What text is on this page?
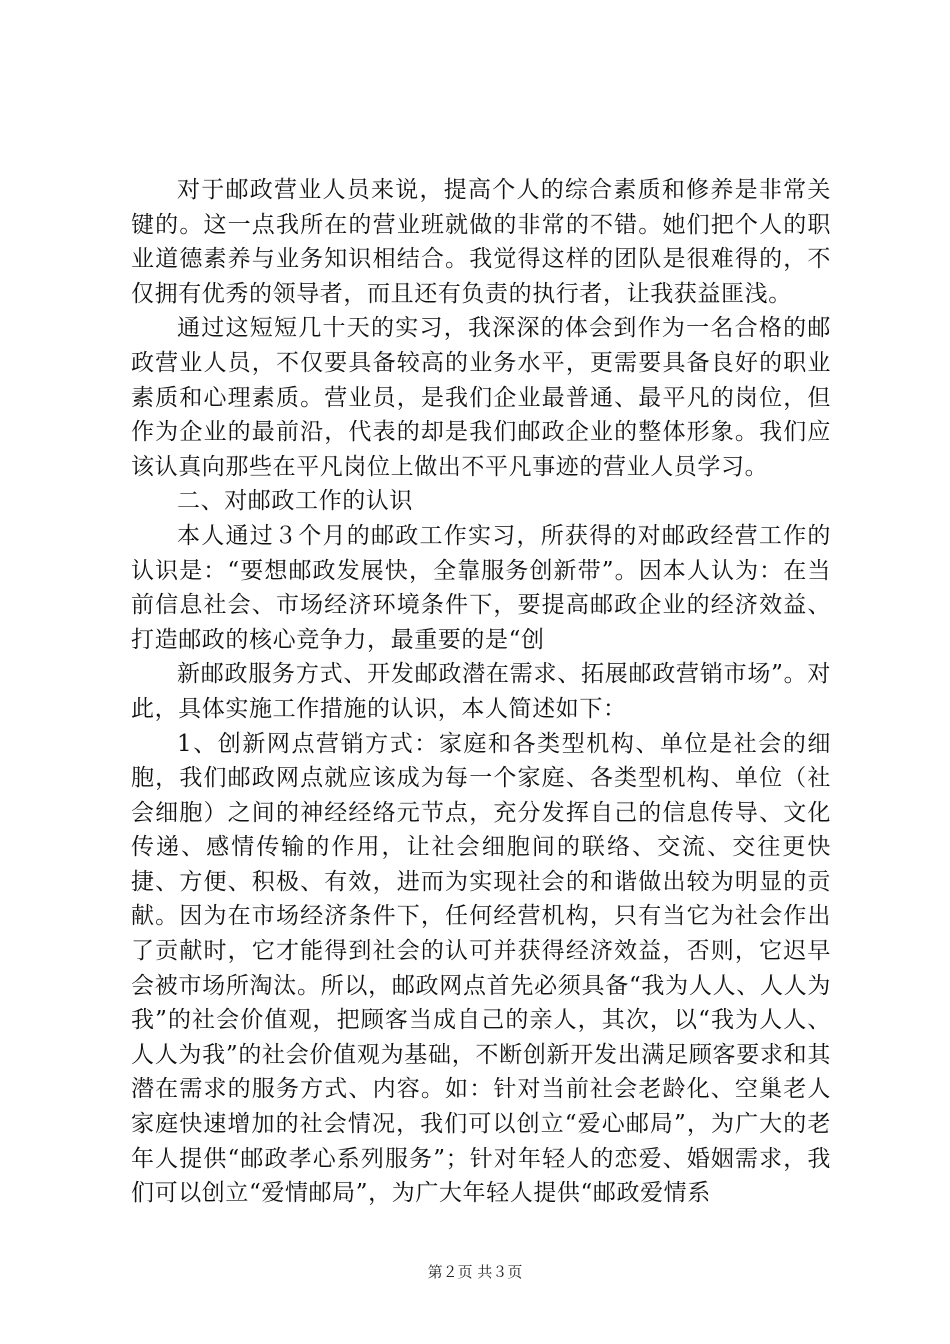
对于邮政营业人员来说，提高个人的综合素质和修养是非常关键的。这一点我所在的营业班就做的非常的不错。她们把个人的职业道德素养与业务知识相结合。我觉得这样的团队是很难得的，不仅拥有优秀的领导者，而且还有负责的执行者，让我获益匪浅。

通过这短短几十天的实习，我深深的体会到作为一名合格的邮政营业人员，不仅要具备较高的业务水平，更需要具备良好的职业素质和心理素质。营业员，是我们企业最普通、最平凡的岗位，但作为企业的最前沿，代表的却是我们邮政企业的整体形象。我们应该认真向那些在平凡岗位上做出不平凡事迹的营业人员学习。

二、对邮政工作的认识

本人通过３个月的邮政工作实习，所获得的对邮政经营工作的认识是：“要想邮政发展快，全靠服务创新带”。因本人认为：在当前信息社会、市场经济环境条件下，要提高邮政企业的经济效益、打造邮政的核心竞争力，最重要的是“创

新邮政服务方式、开发邮政潜在需求、拓展邮政营销市场”。对此，具体实施工作措施的认识，本人简述如下：

1、创新网点营销方式：家庭和各类型机构、单位是社会的细胞，我们邮政网点就应该成为每一个家庭、各类型机构、单位（社会细胞）之间的神经经络元节点，充分发挥自己的信息传导、文化传递、感情传输的作用，让社会细胞间的联络、交流、交往更快捷、方便、积极、有效，进而为实现社会的和谐做出较为明显的贡献。因为在市场经济条件下，任何经营机构，只有当它为社会作出了贡献时，它才能得到社会的认可并获得经济效益，否则，它迟早会被市场所淘汰。所以，邮政网点首先必须具备“我为人人、人人为我”的社会价值观，把顾客当成自己的亲人，其次，以“我为人人、人人为我”的社会价值观为基础，不断创新开发出满足顾客要求和其潜在需求的服务方式、内容。如：针对当前社会老龄化、空巢老人家庭快速增加的社会情况，我们可以创立“爱心邮局”，为广大的老年人提供“邮政孝心系列服务”；针对年轻人的恋爱、婚姻需求，我们可以创立“爱情邮局”，为广大年轻人提供“邮政爱情系

第２页 共３页
